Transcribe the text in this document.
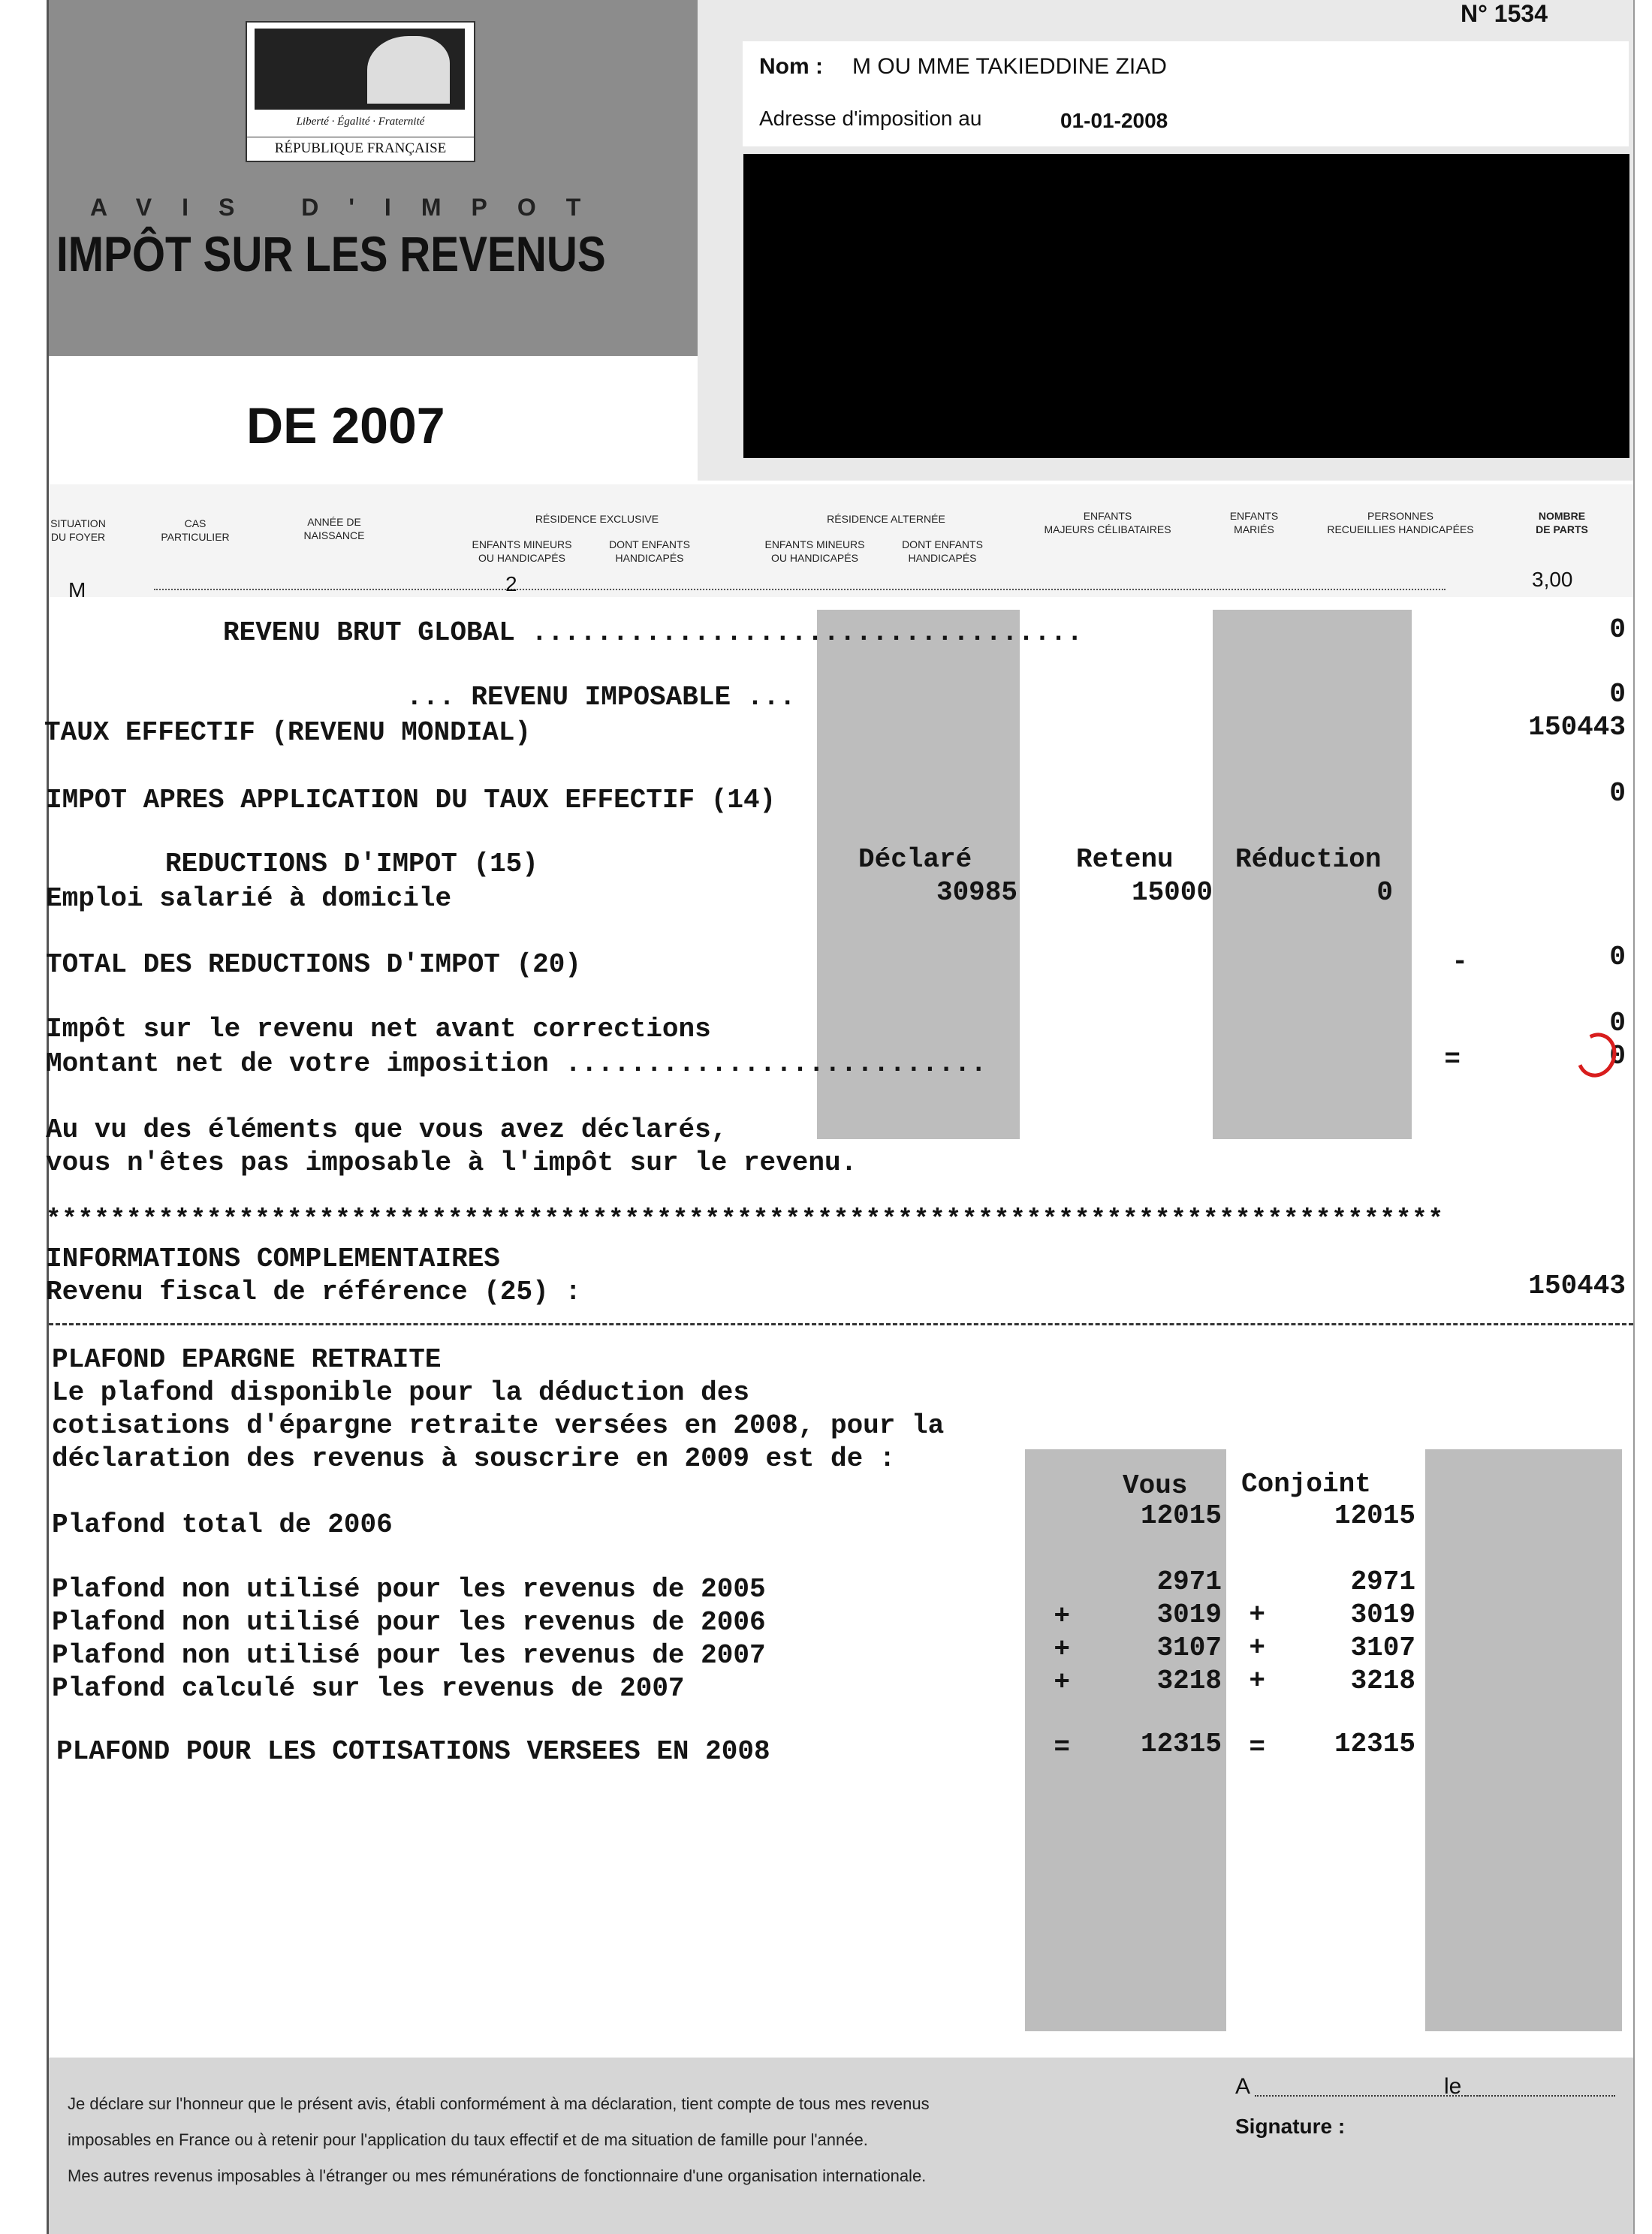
Liberté · Égalité · Fraternité
RÉPUBLIQUE FRANÇAISE
AVIS D'IMPOT
IMPÔT SUR LES REVENUS
DE 2007
N° 1534
Nom : M OU MME TAKIEDDINE ZIAD
Adresse d'imposition au	01-01-2008
SITUATION
DU FOYER
CAS
PARTICULIER
ANNÉE DE
NAISSANCE
RÉSIDENCE EXCLUSIVE
ENFANTS MINEURS
OU HANDICAPÉS
DONT ENFANTS
HANDICAPÉS
RÉSIDENCE ALTERNÉE
ENFANTS MINEURS
OU HANDICAPÉS
DONT ENFANTS
HANDICAPÉS
ENFANTS
MAJEURS CÉLIBATAIRES
ENFANTS
MARIÉS
PERSONNES
RECUEILLIES HANDICAPÉES
NOMBRE
DE PARTS
M	2	3,00
REVENU BRUT GLOBAL ..................................	0
... REVENU IMPOSABLE ...	0
TAUX EFFECTIF (REVENU MONDIAL)	150443
IMPOT APRES APPLICATION DU TAUX EFFECTIF (14)	0
REDUCTIONS D'IMPOT (15)	Déclaré	Retenu Réduction
Emploi salarié à domicile	30985	15000	0
TOTAL DES REDUCTIONS D'IMPOT (20)	-	0
Impôt sur le revenu net avant corrections	0
Montant net de votre imposition ..........................	=	0
Au vu des éléments que vous avez déclarés,
vous n'êtes pas imposable à l'impôt sur le revenu.
***************************************************************************************
INFORMATIONS COMPLEMENTAIRES
Revenu fiscal de référence (25) :	150443
PLAFOND EPARGNE RETRAITE
Le plafond disponible pour la déduction des
cotisations d'épargne retraite versées en 2008, pour la
déclaration des revenus à souscrire en 2009 est de :
Vous Conjoint
Plafond total de 2006	12015	12015
Plafond non utilisé pour les revenus de 2005	2971	2971
Plafond non utilisé pour les revenus de 2006	+	3019	+	3019
Plafond non utilisé pour les revenus de 2007	+	3107	+	3107
Plafond calculé sur les revenus de 2007	+	3218	+	3218
PLAFOND POUR LES COTISATIONS VERSEES EN 2008	=	12315	=	12315
Je déclare sur l'honneur que le présent avis, établi conformément à ma déclaration, tient compte de tous mes revenus
imposables en France ou à retenir pour l'application du taux effectif et de ma situation de famille pour l'année.
Mes autres revenus imposables à l'étranger ou mes rémunérations de fonctionnaire d'une organisation internationale.
A	le
Signature :
